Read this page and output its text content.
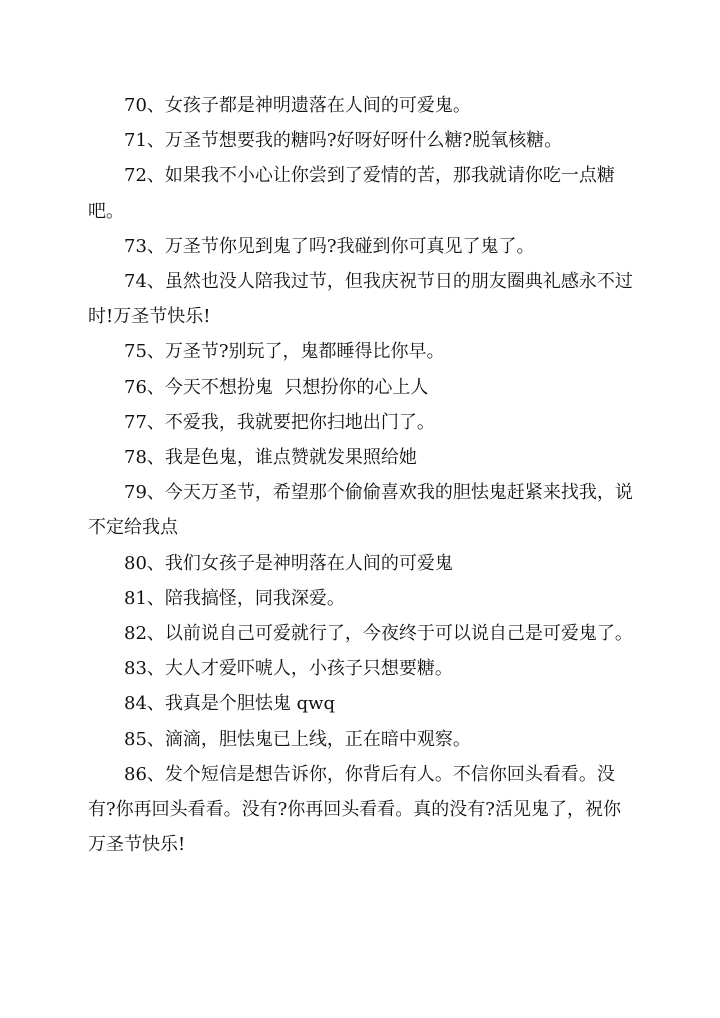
70、女孩子都是神明遗落在人间的可爱鬼。

71、万圣节想要我的糖吗?好呀好呀什么糖?脱氧核糖。

72、如果我不小心让你尝到了爱情的苦，那我就请你吃一点糖吧。

73、万圣节你见到鬼了吗?我碰到你可真见了鬼了。

74、虽然也没人陪我过节，但我庆祝节日的朋友圈典礼感永不过时!万圣节快乐!

75、万圣节?别玩了，鬼都睡得比你早。

76、今天不想扮鬼  只想扮你的心上人

77、不爱我，我就要把你扫地出门了。

78、我是色鬼，谁点赞就发果照给她

79、今天万圣节，希望那个偷偷喜欢我的胆怯鬼赶紧来找我，说不定给我点

80、我们女孩子是神明落在人间的可爱鬼

81、陪我搞怪，同我深爱。

82、以前说自己可爱就行了，今夜终于可以说自己是可爱鬼了。

83、大人才爱吓唬人，小孩子只想要糖。

84、我真是个胆怯鬼 qwq

85、滴滴，胆怯鬼已上线，正在暗中观察。

86、发个短信是想告诉你，你背后有人。不信你回头看看。没有?你再回头看看。没有?你再回头看看。真的没有?活见鬼了，祝你万圣节快乐!
